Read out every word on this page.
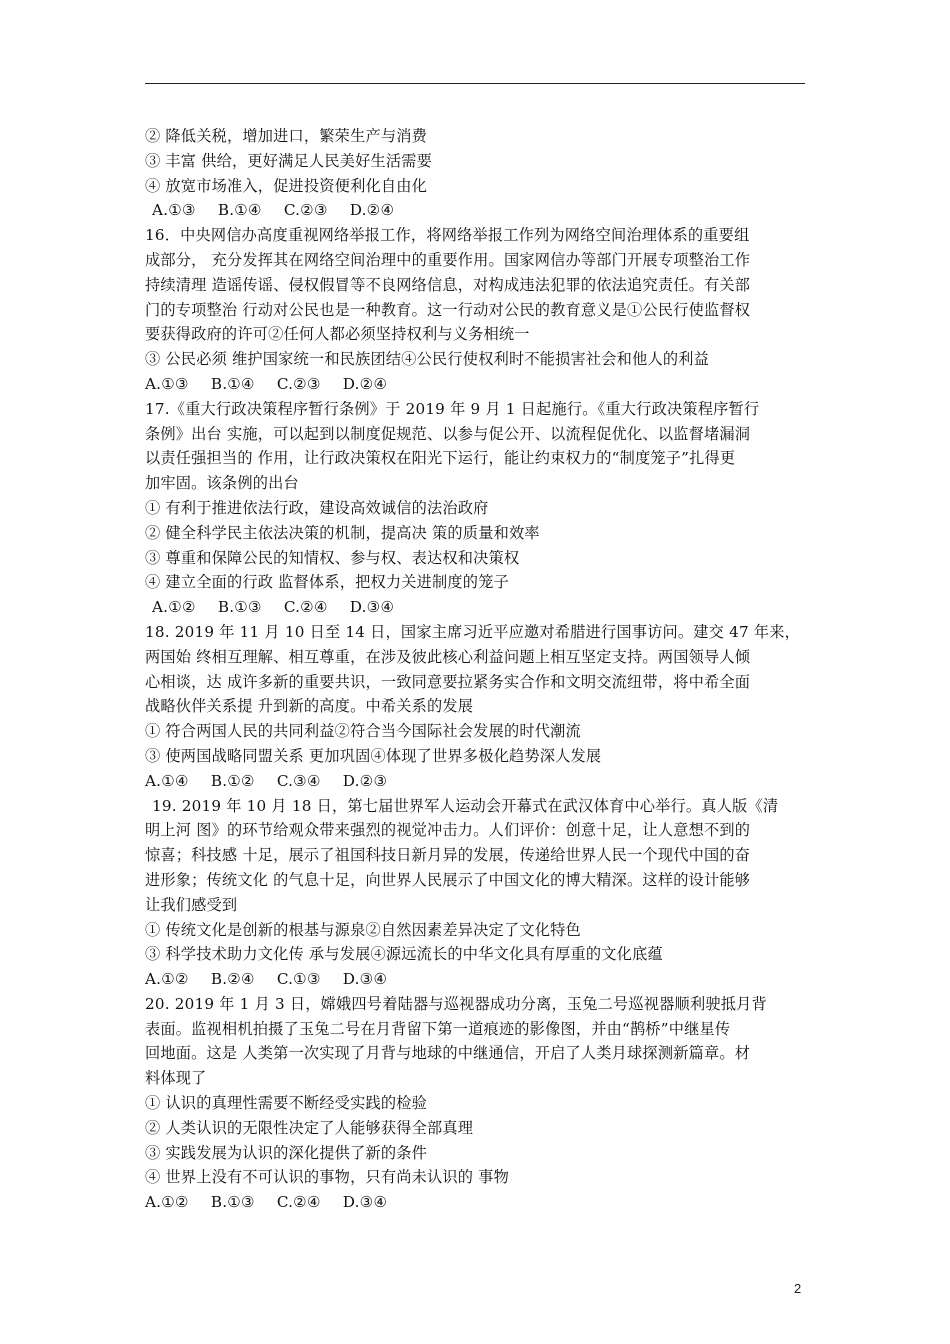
② 降低关税，增加进口，繁荣生产与消费
③ 丰富 供给，更好满足人民美好生活需要
④ 放宽市场准入，促进投资便利化自由化
A.①③ B.①④ C.②③ D.②④
16．中央网信办高度重视网络举报工作，将网络举报工作列为网络空间治理体系的重要组
成部分， 充分发挥其在网络空间治理中的重要作用。国家网信办等部门开展专项整治工作
持续清理 造谣传谣、侵权假冒等不良网络信息，对构成违法犯罪的依法追究责任。有关部
门的专项整治 行动对公民也是一种教育。这一行动对公民的教育意义是①公民行使监督权
要获得政府的许可②任何人都必须坚持权利与义务相统一
③ 公民必须 维护国家统一和民族团结④公民行使权利时不能损害社会和他人的利益
A.①③ B.①④ C.②③ D.②④
17.《重大行政决策程序暂行条例》于 2019 年 9 月 1 日起施行。《重大行政决策程序暂行
条例》出台 实施，可以起到以制度促规范、以参与促公开、以流程促优化、以监督堵漏洞
以责任强担当的 作用，让行政决策权在阳光下运行，能让约束权力的“制度笼子”扎得更
加牢固。该条例的出台
① 有利于推进依法行政，建设高效诚信的法治政府
② 健全科学民主依法决策的机制，提高决 策的质量和效率
③ 尊重和保障公民的知情权、参与权、表达权和决策权
④ 建立全面的行政 监督体系，把权力关进制度的笼子
A.①② B.①③ C.②④ D.③④
18. 2019 年 11 月 10 日至 14 日，国家主席习近平应邀对希腊进行国事访问。建交 47 年来，
两国始 终相互理解、相互尊重，在涉及彼此核心利益问题上相互坚定支持。两国领导人倾
心相谈，达 成许多新的重要共识，一致同意要拉紧务实合作和文明交流纽带，将中希全面
战略伙伴关系提 升到新的高度。中希关系的发展
① 符合两国人民的共同利益②符合当今国际社会发展的时代潮流
③ 使两国战略同盟关系 更加巩固④体现了世界多极化趋势深人发展
A.①④ B.①② C.③④ D.②③
19. 2019 年 10 月 18 日，第七届世界军人运动会开幕式在武汉体育中心举行。真人版《清
明上河 图》的环节给观众带来强烈的视觉冲击力。人们评价：创意十足，让人意想不到的
惊喜；科技感 十足，展示了祖国科技日新月异的发展，传递给世界人民一个现代中国的奋
进形象；传统文化 的气息十足，向世界人民展示了中国文化的博大精深。这样的设计能够
让我们感受到
① 传统文化是创新的根基与源泉②自然因素差异决定了文化特色
③ 科学技术助力文化传 承与发展④源远流长的中华文化具有厚重的文化底蕴
A.①② B.②④ C.①③ D.③④
20. 2019 年 1 月 3 日，嫦娥四号着陆器与巡视器成功分离，玉兔二号巡视器顺利驶抵月背
表面。监视相机拍摄了玉兔二号在月背留下第一道痕迹的影像图，并由“鹊桥”中继星传
回地面。这是 人类第一次实现了月背与地球的中继通信，开启了人类月球探测新篇章。材
料体现了
① 认识的真理性需要不断经受实践的检验
② 人类认识的无限性决定了人能够获得全部真理
③ 实践发展为认识的深化提供了新的条件
④ 世界上没有不可认识的事物，只有尚未认识的 事物
A.①② B.①③ C.②④ D.③④
2
